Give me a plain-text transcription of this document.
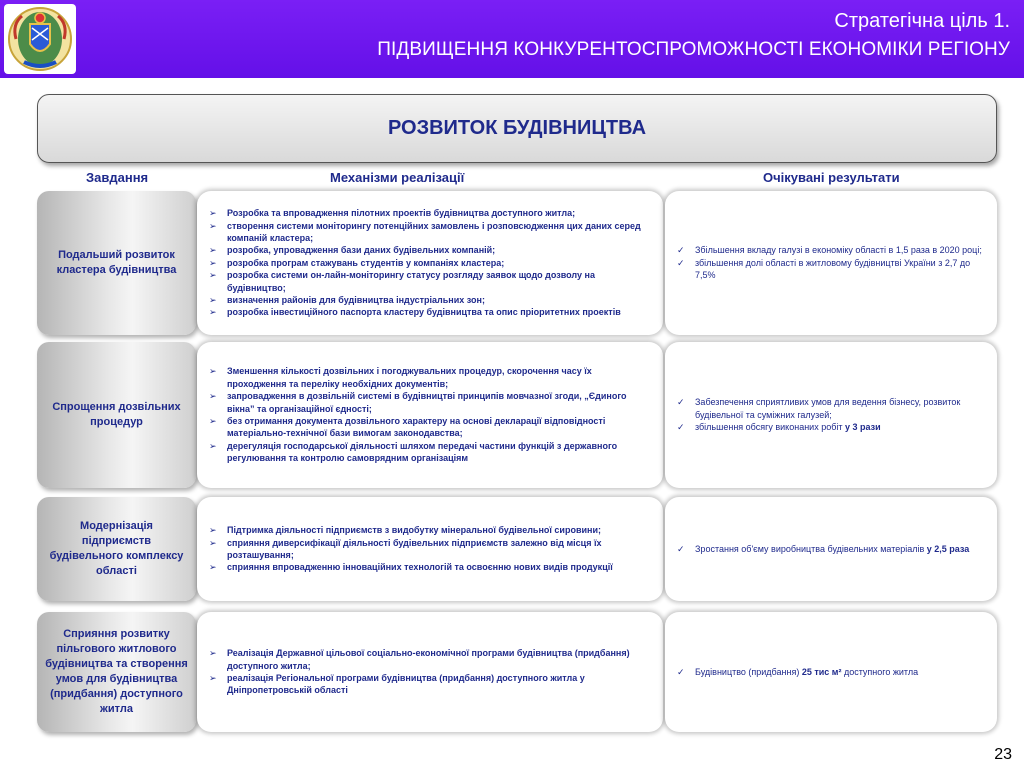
Стратегічна ціль 1.
ПІДВИЩЕННЯ КОНКУРЕНТОСПРОМОЖНОСТІ ЕКОНОМІКИ РЕГІОНУ
РОЗВИТОК БУДІВНИЦТВА
Завдання	Механізми реалізації	Очікувані результати
Подальший розвиток кластера будівництва
➢ Розробка та впровадження пілотних проектів будівництва доступного житла;
➢ створення системи моніторингу потенційних замовлень і розповсюдження цих даних серед компаній кластера;
➢ розробка, упровадження бази даних будівельних компаній;
➢ розробка програм стажувань студентів у компаніях кластера;
➢ розробка системи он-лайн-моніторингу статусу розгляду заявок щодо дозволу на будівництво;
➢ визначення районів для будівництва індустріальних зон;
➢ розробка інвестиційного паспорта кластеру будівництва та опис пріоритетних проектів
✓ Збільшення вкладу галузі в економіку області в 1,5 раза в 2020 році;
✓ збільшення долі області в житловому будівництві України з 2,7 до 7,5%
Спрощення дозвільних процедур
➢ Зменшення кількості дозвільних і погоджувальних процедур, скорочення часу їх проходження та переліку необхідних документів;
➢ запровадження в дозвільній системі в будівництві принципів мовчазної згоди, „Єдиного вікна” та організаційної єдності;
➢ без отримання документа дозвільного характеру на основі декларації відповідності матеріально-технічної бази вимогам законодавства;
➢ дерегуляція господарської діяльності шляхом передачі частини функцій з державного регулювання та контролю самоврядним організаціям
✓ Забезпечення сприятливих умов для ведення бізнесу, розвиток будівельної та суміжних галузей;
✓ збільшення обсягу виконаних робіт у 3 рази
Модернізація підприємств будівельного комплексу області
➢ Підтримка діяльності підприємств з видобутку мінеральної будівельної сировини;
➢ сприяння диверсифікації діяльності будівельних підприємств залежно від місця їх розташування;
➢ сприяння впровадженню інноваційних технологій та освоєнню нових видів продукції
✓ Зростання об'єму виробництва будівельних матеріалів у 2,5 раза
Сприяння розвитку пільгового житлового будівництва та створення умов для будівництва (придбання) доступного житла
➢ Реалізація Державної цільової соціально-економічної програми будівництва (придбання) доступного житла;
➢ реалізація Регіональної програми будівництва (придбання) доступного житла у Дніпропетровській області
✓ Будівництво (придбання) 25 тис м² доступного житла
23
